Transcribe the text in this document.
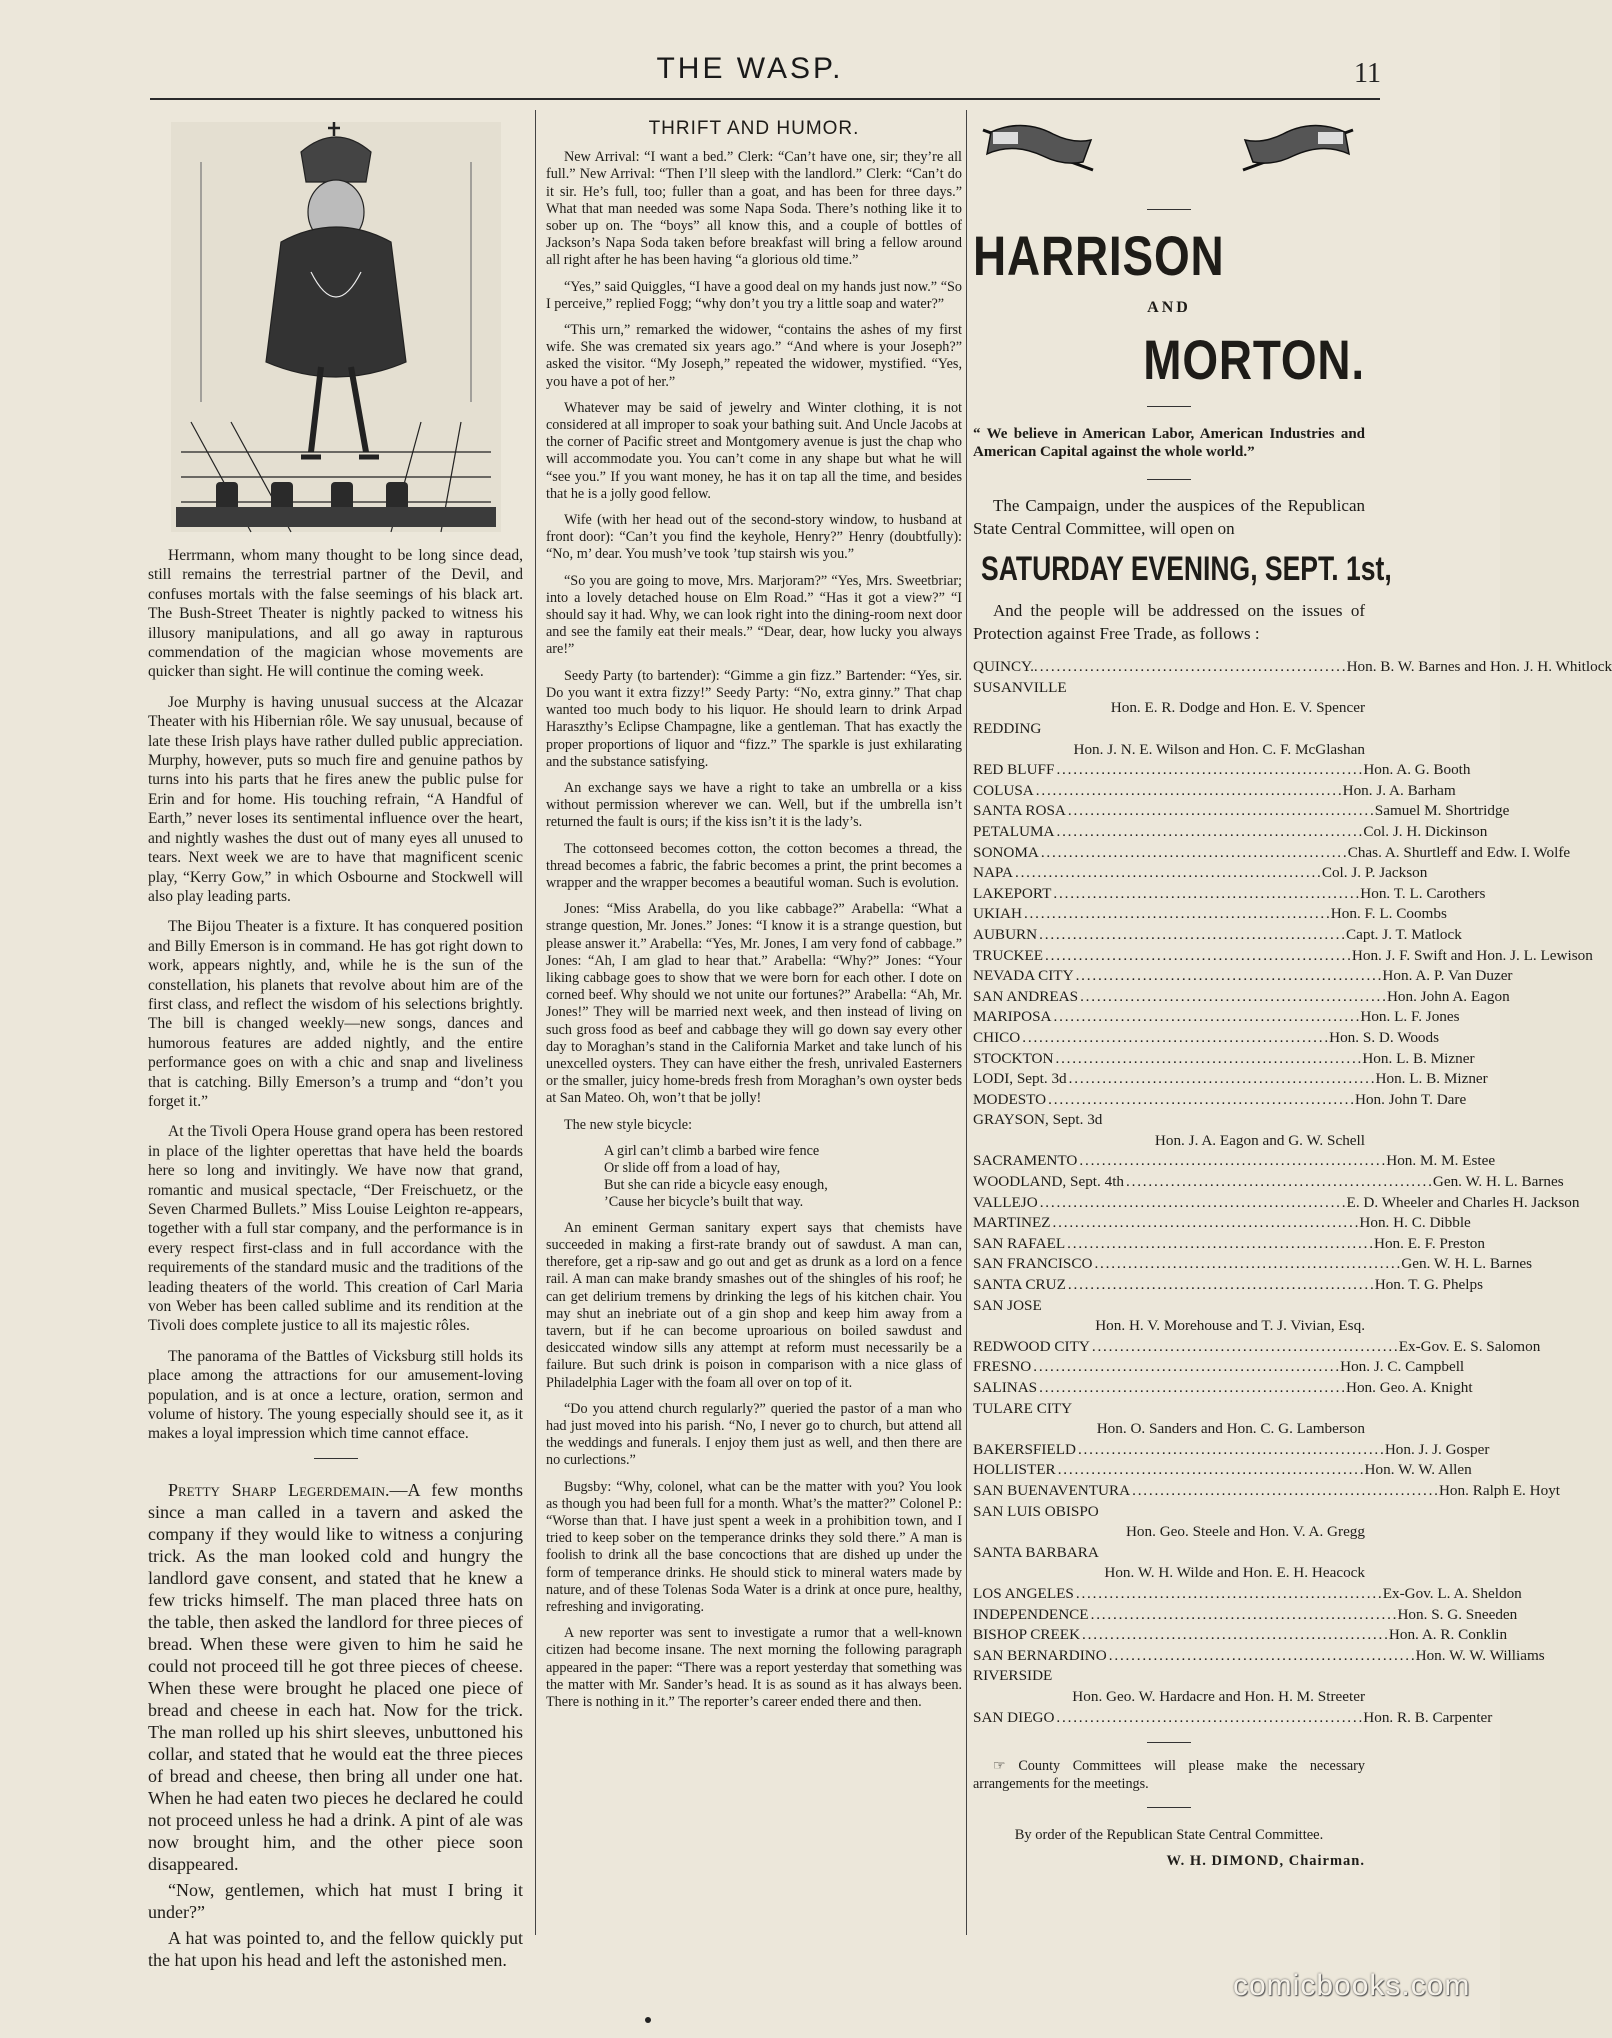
THE WASP.	11

Herrmann, whom many thought to be long since dead, still remains the terrestrial partner of the Devil, and confuses mortals with the false seemings of his black art. The Bush-Street Theater is nightly packed to witness his illusory manipulations, and all go away in rapturous commendation of the magician whose movements are quicker than sight. He will continue the coming week.

Joe Murphy is having unusual success at the Alcazar Theater with his Hibernian rôle. We say unusual, because of late these Irish plays have rather dulled public appreciation. Murphy, however, puts so much fire and genuine pathos by turns into his parts that he fires anew the public pulse for Erin and for home. His touching refrain, “A Handful of Earth,” never loses its sentimental influence over the heart, and nightly washes the dust out of many eyes all unused to tears. Next week we are to have that magnificent scenic play, “Kerry Gow,” in which Osbourne and Stockwell will also play leading parts.

The Bijou Theater is a fixture. It has conquered position and Billy Emerson is in command. He has got right down to work, appears nightly, and, while he is the sun of the constellation, his planets that revolve about him are of the first class, and reflect the wisdom of his selections brightly. The bill is changed weekly—new songs, dances and humorous features are added nightly, and the entire performance goes on with a chic and snap and liveliness that is catching. Billy Emerson’s a trump and “don’t you forget it.”

At the Tivoli Opera House grand opera has been restored in place of the lighter operettas that have held the boards here so long and invitingly. We have now that grand, romantic and musical spectacle, “Der Freischuetz, or the Seven Charmed Bullets.” Miss Louise Leighton re-appears, together with a full star company, and the performance is in every respect first-class and in full accordance with the requirements of the standard music and the traditions of the leading theaters of the world. This creation of Carl Maria von Weber has been called sublime and its rendition at the Tivoli does complete justice to all its majestic rôles.

The panorama of the Battles of Vicksburg still holds its place among the attractions for our amusement-loving population, and is at once a lecture, oration, sermon and volume of history. The young especially should see it, as it makes a loyal impression which time cannot efface.

Pretty Sharp Legerdemain.—A few months since a man called in a tavern and asked the company if they would like to witness a conjuring trick. As the man looked cold and hungry the landlord gave consent, and stated that he knew a few tricks himself. The man placed three hats on the table, then asked the landlord for three pieces of bread. When these were given to him he said he could not proceed till he got three pieces of cheese. When these were brought he placed one piece of bread and cheese in each hat. Now for the trick. The man rolled up his shirt sleeves, unbuttoned his collar, and stated that he would eat the three pieces of bread and cheese, then bring all under one hat. When he had eaten two pieces he declared he could not proceed unless he had a drink. A pint of ale was now brought him, and the other piece soon disappeared.

“Now, gentlemen, which hat must I bring it under?”

A hat was pointed to, and the fellow quickly put the hat upon his head and left the astonished men.

THRIFT AND HUMOR.

New Arrival: “I want a bed.” Clerk: “Can’t have one, sir; they’re all full.” New Arrival: “Then I’ll sleep with the landlord.” Clerk: “Can’t do it sir. He’s full, too; fuller than a goat, and has been for three days.” What that man needed was some Napa Soda. There’s nothing like it to sober up on. The “boys” all know this, and a couple of bottles of Jackson’s Napa Soda taken before breakfast will bring a fellow around all right after he has been having “a glorious old time.”

“Yes,” said Quiggles, “I have a good deal on my hands just now.” “So I perceive,” replied Fogg; “why don’t you try a little soap and water?”

“This urn,” remarked the widower, “contains the ashes of my first wife. She was cremated six years ago.” “And where is your Joseph?” asked the visitor. “My Joseph,” repeated the widower, mystified. “Yes, you have a pot of her.”

Whatever may be said of jewelry and Winter clothing, it is not considered at all improper to soak your bathing suit. And Uncle Jacobs at the corner of Pacific street and Montgomery avenue is just the chap who will accommodate you. You can’t come in any shape but what he will “see you.” If you want money, he has it on tap all the time, and besides that he is a jolly good fellow.

Wife (with her head out of the second-story window, to husband at front door): “Can’t you find the keyhole, Henry?” Henry (doubtfully): “No, m’ dear. You mush’ve took ’tup stairsh wis you.”

“So you are going to move, Mrs. Marjoram?” “Yes, Mrs. Sweetbriar; into a lovely detached house on Elm Road.” “Has it got a view?” “I should say it had. Why, we can look right into the dining-room next door and see the family eat their meals.” “Dear, dear, how lucky you always are!”

Seedy Party (to bartender): “Gimme a gin fizz.” Bartender: “Yes, sir. Do you want it extra fizzy!” Seedy Party: “No, extra ginny.” That chap wanted too much body to his liquor. He should learn to drink Arpad Haraszthy’s Eclipse Champagne, like a gentleman. That has exactly the proper proportions of liquor and “fizz.” The sparkle is just exhilarating and the substance satisfying.

An exchange says we have a right to take an umbrella or a kiss without permission wherever we can. Well, but if the umbrella isn’t returned the fault is ours; if the kiss isn’t it is the lady’s.

The cottonseed becomes cotton, the cotton becomes a thread, the thread becomes a fabric, the fabric becomes a print, the print becomes a wrapper and the wrapper becomes a beautiful woman. Such is evolution.

Jones: “Miss Arabella, do you like cabbage?” Arabella: “What a strange question, Mr. Jones.” Jones: “I know it is a strange question, but please answer it.” Arabella: “Yes, Mr. Jones, I am very fond of cabbage.” Jones: “Ah, I am glad to hear that.” Arabella: “Why?” Jones: “Your liking cabbage goes to show that we were born for each other. I dote on corned beef. Why should we not unite our fortunes?” Arabella: “Ah, Mr. Jones!” They will be married next week, and then instead of living on such gross food as beef and cabbage they will go down say every other day to Moraghan’s stand in the California Market and take lunch of his unexcelled oysters. They can have either the fresh, unrivaled Easterners or the smaller, juicy home-breds fresh from Moraghan’s own oyster beds at San Mateo. Oh, won’t that be jolly!

The new style bicycle:

A girl can’t climb a barbed wire fence
Or slide off from a load of hay,
But she can ride a bicycle easy enough,
’Cause her bicycle’s built that way.

An eminent German sanitary expert says that chemists have succeeded in making a first-rate brandy out of sawdust. A man can, therefore, get a rip-saw and go out and get as drunk as a lord on a fence rail. A man can make brandy smashes out of the shingles of his roof; he can get delirium tremens by drinking the legs of his kitchen chair. You may shut an inebriate out of a gin shop and keep him away from a tavern, but if he can become uproarious on boiled sawdust and desiccated window sills any attempt at reform must necessarily be a failure. But such drink is poison in comparison with a nice glass of Philadelphia Lager with the foam all over on top of it.

“Do you attend church regularly?” queried the pastor of a man who had just moved into his parish. “No, I never go to church, but attend all the weddings and funerals. I enjoy them just as well, and then there are no curlections.”

Bugsby: “Why, colonel, what can be the matter with you? You look as though you had been full for a month. What’s the matter?” Colonel P.: “Worse than that. I have just spent a week in a prohibition town, and I tried to keep sober on the temperance drinks they sold there.” A man is foolish to drink all the base concoctions that are dished up under the form of temperance drinks. He should stick to mineral waters made by nature, and of these Tolenas Soda Water is a drink at once pure, healthy, refreshing and invigorating.

A new reporter was sent to investigate a rumor that a well-known citizen had become insane. The next morning the following paragraph appeared in the paper: “There was a report yesterday that something was the matter with Mr. Sander’s head. It is as sound as it has always been. There is nothing in it.” The reporter’s career ended there and then.

HARRISON
AND
MORTON.
“ We believe in American Labor, American Industries and American Capital against the whole world.”

The Campaign, under the auspices of the Republican State Central Committee, will open on

SATURDAY EVENING, SEPT. 1st,

And the people will be addressed on the issues of Protection against Free Trade, as follows :

QUINCY.. . . .	Hon. B. W. Barnes and Hon. J. H. Whitlock
SUSANVILLE
Hon. E. R. Dodge and Hon. E. V. Spencer
REDDING
Hon. J. N. E. Wilson and Hon. C. F. McGlashan
RED BLUFF . . .	Hon. A. G. Booth
COLUSA . . .	Hon. J. A. Barham
SANTA ROSA . . .	Samuel M. Shortridge
PETALUMA . . .	Col. J. H. Dickinson
SONOMA . . .	Chas. A. Shurtleff and Edw. I. Wolfe
NAPA . . .	Col. J. P. Jackson
LAKEPORT . . .	Hon. T. L. Carothers
UKIAH . . .	Hon. F. L. Coombs
AUBURN . . .	Capt. J. T. Matlock
TRUCKEE . . .	Hon. J. F. Swift and Hon. J. L. Lewison
NEVADA CITY . . .	Hon. A. P. Van Duzer
SAN ANDREAS . . .	Hon. John A. Eagon
MARIPOSA . . .	Hon. L. F. Jones
CHICO . . .	Hon. S. D. Woods
STOCKTON . . .	Hon. L. B. Mizner
LODI, Sept. 3d . . .	Hon. L. B. Mizner
MODESTO . . .	Hon. John T. Dare
GRAYSON, Sept. 3d
Hon. J. A. Eagon and G. W. Schell
SACRAMENTO . . .	Hon. M. M. Estee
WOODLAND, Sept. 4th . . .	Gen. W. H. L. Barnes
VALLEJO . . .	E. D. Wheeler and Charles H. Jackson
MARTINEZ . . .	Hon. H. C. Dibble
SAN RAFAEL . . .	Hon. E. F. Preston
SAN FRANCISCO . . .	Gen. W. H. L. Barnes
SANTA CRUZ . . .	Hon. T. G. Phelps
SAN JOSE
Hon. H. V. Morehouse and T. J. Vivian, Esq.
REDWOOD CITY . . .	Ex-Gov. E. S. Salomon
FRESNO . . .	Hon. J. C. Campbell
SALINAS . . .	Hon. Geo. A. Knight
TULARE CITY
Hon. O. Sanders and Hon. C. G. Lamberson
BAKERSFIELD . . .	Hon. J. J. Gosper
HOLLISTER . . .	Hon. W. W. Allen
SAN BUENAVENTURA . . .	Hon. Ralph E. Hoyt
SAN LUIS OBISPO
Hon. Geo. Steele and Hon. V. A. Gregg
SANTA BARBARA
Hon. W. H. Wilde and Hon. E. H. Heacock
LOS ANGELES . . .	Ex-Gov. L. A. Sheldon
INDEPENDENCE . . .	Hon. S. G. Sneeden
BISHOP CREEK . . .	Hon. A. R. Conklin
SAN BERNARDINO . . .	Hon. W. W. Williams
RIVERSIDE
Hon. Geo. W. Hardacre and Hon. H. M. Streeter
SAN DIEGO . . .	Hon. R. B. Carpenter

☞ County Committees will please make the necessary arrangements for the meetings.

By order of the Republican State Central Committee.
W. H. DIMOND, Chairman.
comicbooks.com
